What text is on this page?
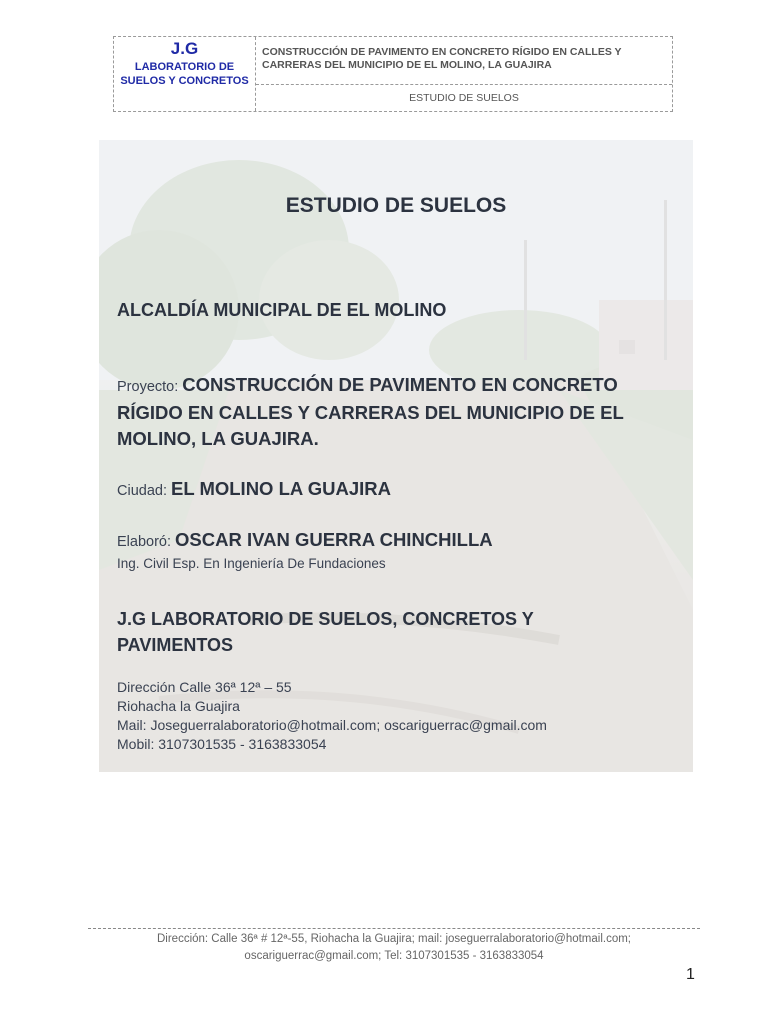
J.G
LABORATORIO DE SUELOS Y CONCRETOS
CONSTRUCCIÓN DE PAVIMENTO EN CONCRETO RÍGIDO EN CALLES Y CARRERAS DEL MUNICIPIO DE EL MOLINO, LA GUAJIRA
ESTUDIO DE SUELOS
ESTUDIO DE SUELOS
ALCALDÍA MUNICIPAL DE EL MOLINO
Proyecto: CONSTRUCCIÓN DE PAVIMENTO EN CONCRETO
RÍGIDO EN CALLES Y CARRERAS DEL MUNICIPIO DE EL
MOLINO, LA GUAJIRA.
Ciudad: EL MOLINO LA GUAJIRA
Elaboró: OSCAR IVAN GUERRA CHINCHILLA
Ing. Civil Esp. En Ingeniería De Fundaciones
J.G LABORATORIO DE SUELOS, CONCRETOS Y
PAVIMENTOS
Dirección Calle 36ª 12ª – 55
Riohacha la Guajira
Mail: Joseguerralaboratorio@hotmail.com; oscariguerrac@gmail.com
Mobil: 3107301535 - 3163833054
Dirección: Calle 36ª # 12ª-55, Riohacha la Guajira; mail: joseguerralaboratorio@hotmail.com;
oscariguerrac@gmail.com; Tel: 3107301535 - 3163833054
1
